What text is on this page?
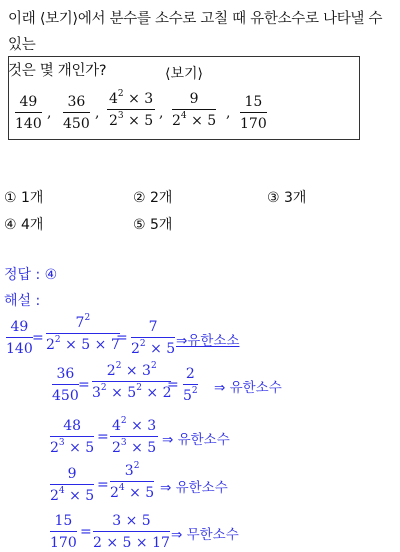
이래 ⟨보기⟩에서 분수를 소수로 고칠 때 유한소수로 나타낼 수 있는
것은 몇 개인가?	⟨보기⟩
49
140
,
36
450
,
$4^2 \times 3$
$2^3 \times 5$ ,
9
$2^4 \times 5$ ,
15
170
① 1개	② 2개	③ 3개
④ 4개	⑤ 5개
정답 : ④
해설 :
49
140
=
$7^2$
$2^2 \times 5 \times 7$
=
7
$2^2 \times 5$ ⇒유한소소
36
450
=
$2^2 \times 3^2$
$3^2 \times 5^2 \times 2$
=
2
$5^2$ ⇒ 유한소수
48
$2^3 \times 5$
=
$4^2 \times 3$
$2^3 \times 5$ ⇒ 유한소수
9
$2^4 \times 5$
=
$3^2$
$2^4 \times 5$ ⇒ 유한소수
15
170
=
3 × 5
2 × 5 × 17 ⇒ 무한소수
